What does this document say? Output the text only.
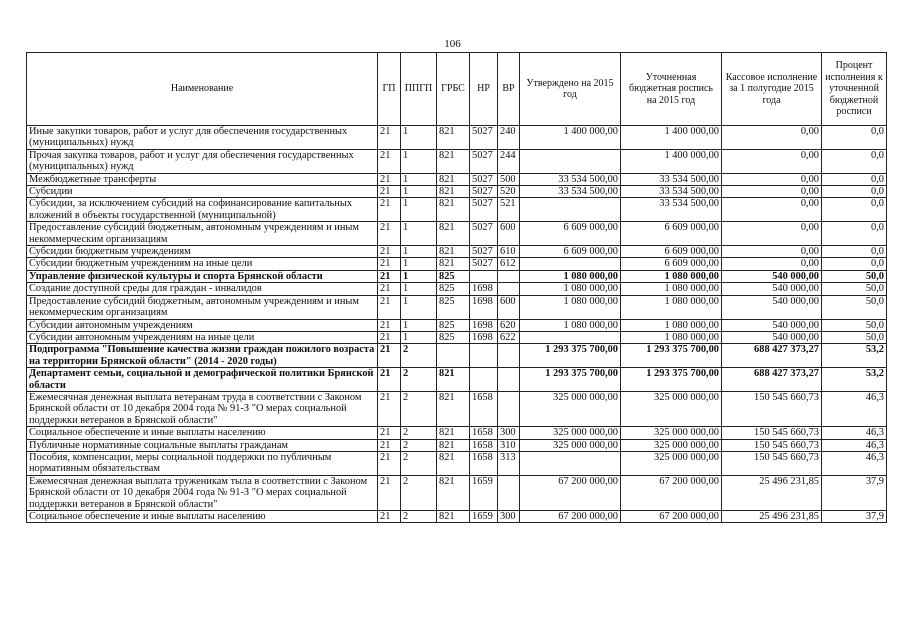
106
Наименование	ГП	ППГП	ГРБС	НР	ВР	Утверждено на 2015 год	Уточненная бюджетная роспись на 2015 год	Кассовое исполнение за 1 полугодие 2015 года	Процент исполнения к уточненной бюджетной росписи
Иные закупки товаров, работ и услуг для обеспечения государственных (муниципальных) нужд	21	1	821	5027	240	1 400 000,00	1 400 000,00	0,00	0,0
Прочая закупка товаров, работ и услуг для обеспечения государственных (муниципальных) нужд	21	1	821	5027	244		1 400 000,00	0,00	0,0
Межбюджетные трансферты	21	1	821	5027	500	33 534 500,00	33 534 500,00	0,00	0,0
Субсидии	21	1	821	5027	520	33 534 500,00	33 534 500,00	0,00	0,0
Субсидии, за исключением субсидий на софинансирование капитальных вложений в объекты государственной (муниципальной)	21	1	821	5027	521		33 534 500,00	0,00	0,0
Предоставление субсидий бюджетным, автономным учреждениям и иным некоммерческим организациям	21	1	821	5027	600	6 609 000,00	6 609 000,00	0,00	0,0
Субсидии бюджетным учреждениям	21	1	821	5027	610	6 609 000,00	6 609 000,00	0,00	0,0
Субсидии бюджетным учреждениям на иные цели	21	1	821	5027	612		6 609 000,00	0,00	0,0
Управление физической культуры и спорта Брянской области	21	1	825			1 080 000,00	1 080 000,00	540 000,00	50,0
Создание доступной среды для граждан - инвалидов	21	1	825	1698		1 080 000,00	1 080 000,00	540 000,00	50,0
Предоставление субсидий бюджетным, автономным учреждениям и иным некоммерческим организациям	21	1	825	1698	600	1 080 000,00	1 080 000,00	540 000,00	50,0
Субсидии автономным учреждениям	21	1	825	1698	620	1 080 000,00	1 080 000,00	540 000,00	50,0
Субсидии автономным учреждениям на иные цели	21	1	825	1698	622		1 080 000,00	540 000,00	50,0
Подпрограмма "Повышение качества жизни граждан пожилого возраста на территории Брянской области" (2014 - 2020 годы)	21	2				1 293 375 700,00	1 293 375 700,00	688 427 373,27	53,2
Департамент семьи, социальной и демографической политики Брянской области	21	2	821			1 293 375 700,00	1 293 375 700,00	688 427 373,27	53,2
Ежемесячная денежная выплата ветеранам труда в соответствии с Законом Брянской области от 10 декабря 2004 года № 91-З "О мерах социальной поддержки ветеранов в Брянской области"	21	2	821	1658		325 000 000,00	325 000 000,00	150 545 660,73	46,3
Социальное обеспечение и иные выплаты населению	21	2	821	1658	300	325 000 000,00	325 000 000,00	150 545 660,73	46,3
Публичные нормативные социальные выплаты гражданам	21	2	821	1658	310	325 000 000,00	325 000 000,00	150 545 660,73	46,3
Пособия, компенсации, меры социальной поддержки по публичным нормативным обязательствам	21	2	821	1658	313		325 000 000,00	150 545 660,73	46,3
Ежемесячная денежная выплата труженикам тыла в соответствии с Законом Брянской области от 10 декабря 2004 года № 91-З "О мерах социальной поддержки ветеранов в Брянской области"	21	2	821	1659		67 200 000,00	67 200 000,00	25 496 231,85	37,9
Социальное обеспечение и иные выплаты населению	21	2	821	1659	300	67 200 000,00	67 200 000,00	25 496 231,85	37,9
